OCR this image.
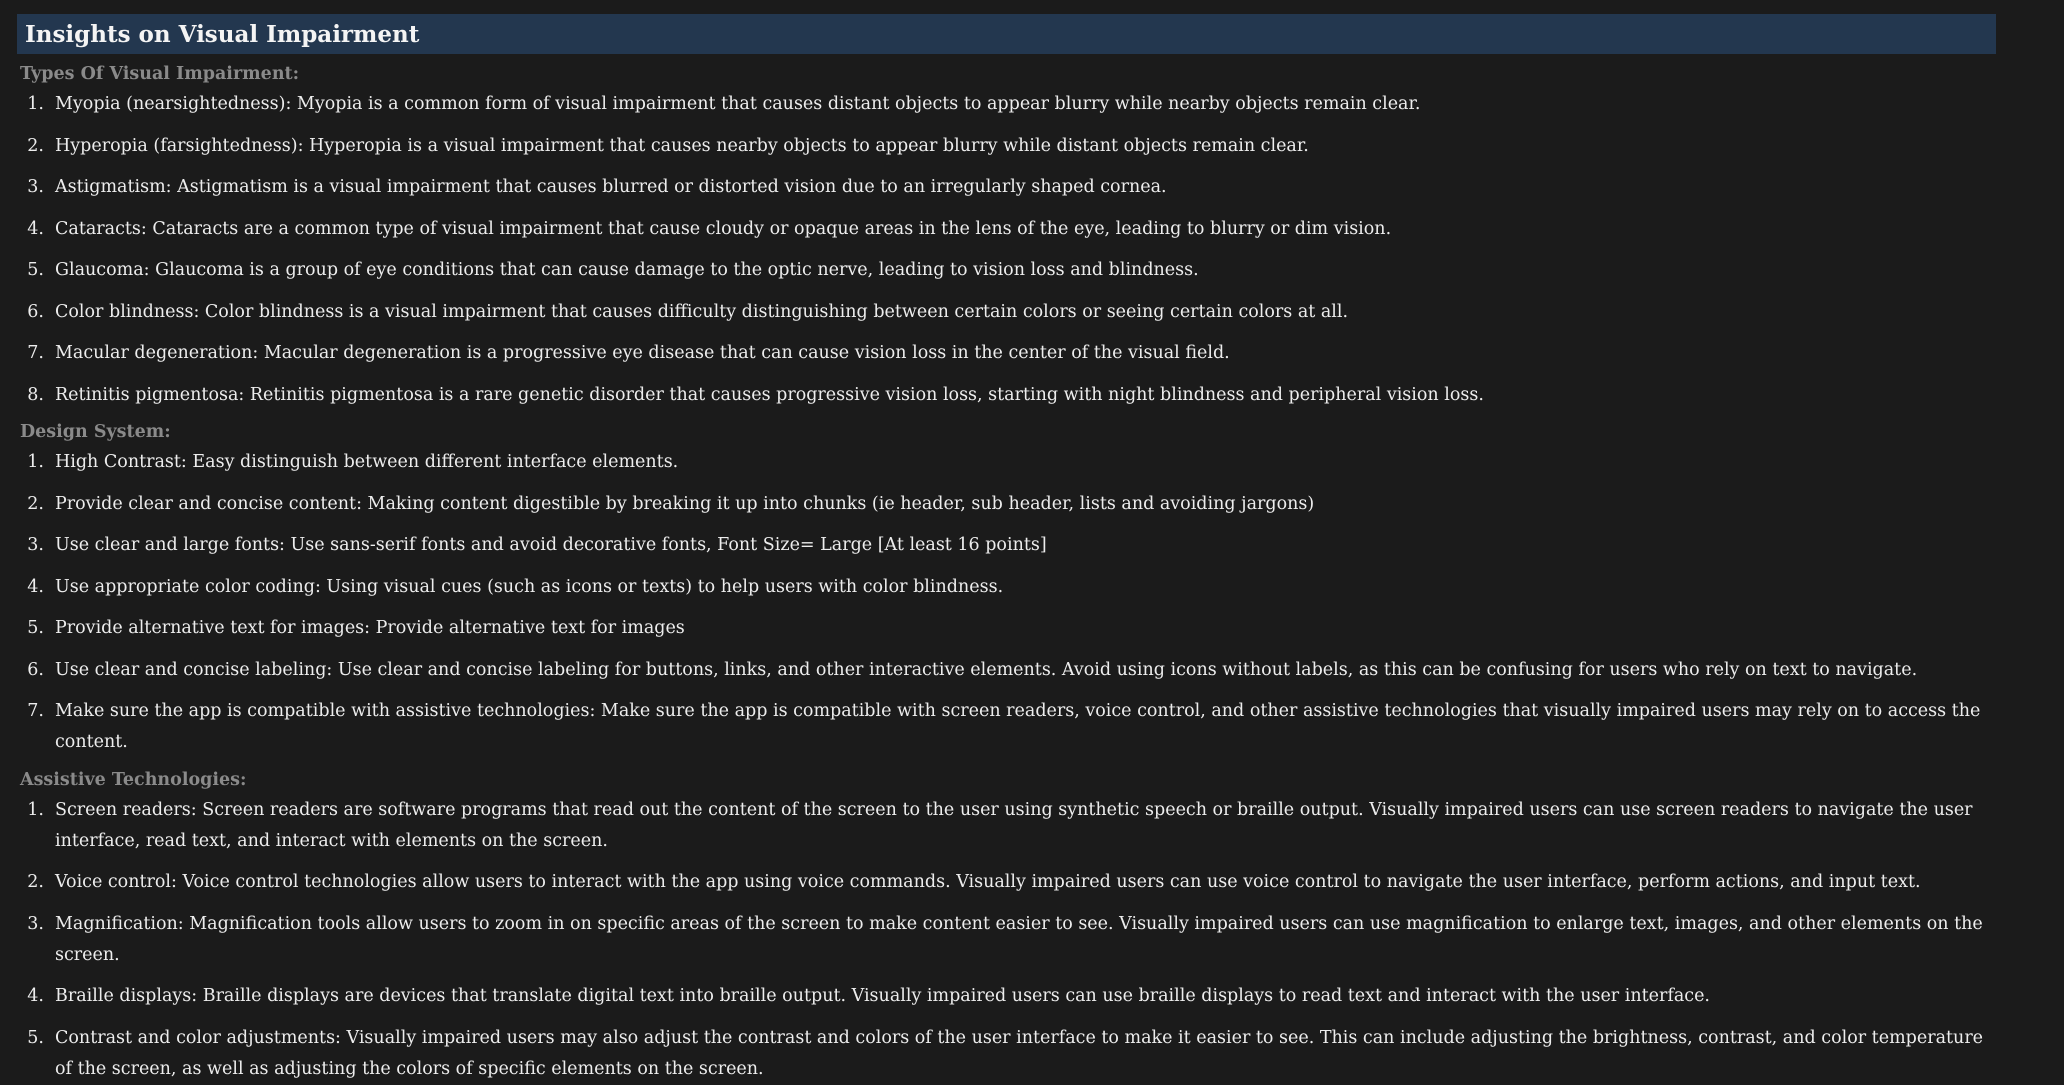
Insights on Visual Impairment
Types Of Visual Impairment:
1. Myopia (nearsightedness): Myopia is a common form of visual impairment that causes distant objects to appear blurry while nearby objects remain clear.
2. Hyperopia (farsightedness): Hyperopia is a visual impairment that causes nearby objects to appear blurry while distant objects remain clear.
3. Astigmatism: Astigmatism is a visual impairment that causes blurred or distorted vision due to an irregularly shaped cornea.
4. Cataracts: Cataracts are a common type of visual impairment that cause cloudy or opaque areas in the lens of the eye, leading to blurry or dim vision.
5. Glaucoma: Glaucoma is a group of eye conditions that can cause damage to the optic nerve, leading to vision loss and blindness.
6. Color blindness: Color blindness is a visual impairment that causes difficulty distinguishing between certain colors or seeing certain colors at all.
7. Macular degeneration: Macular degeneration is a progressive eye disease that can cause vision loss in the center of the visual field.
8. Retinitis pigmentosa: Retinitis pigmentosa is a rare genetic disorder that causes progressive vision loss, starting with night blindness and peripheral vision loss.
Design System:
1. High Contrast: Easy distinguish between different interface elements.
2. Provide clear and concise content: Making content digestible by breaking it up into chunks (ie header, sub header, lists and avoiding jargons)
3. Use clear and large fonts: Use sans-serif fonts and avoid decorative fonts, Font Size= Large [At least 16 points]
4. Use appropriate color coding: Using visual cues (such as icons or texts) to help users with color blindness.
5. Provide alternative text for images: Provide alternative text for images
6. Use clear and concise labeling: Use clear and concise labeling for buttons, links, and other interactive elements. Avoid using icons without labels, as this can be confusing for users who rely on text to navigate.
7. Make sure the app is compatible with assistive technologies: Make sure the app is compatible with screen readers, voice control, and other assistive technologies that visually impaired users may rely on to access the content.
Assistive Technologies:
1. Screen readers: Screen readers are software programs that read out the content of the screen to the user using synthetic speech or braille output. Visually impaired users can use screen readers to navigate the user interface, read text, and interact with elements on the screen.
2. Voice control: Voice control technologies allow users to interact with the app using voice commands. Visually impaired users can use voice control to navigate the user interface, perform actions, and input text.
3. Magnification: Magnification tools allow users to zoom in on specific areas of the screen to make content easier to see. Visually impaired users can use magnification to enlarge text, images, and other elements on the screen.
4. Braille displays: Braille displays are devices that translate digital text into braille output. Visually impaired users can use braille displays to read text and interact with the user interface.
5. Contrast and color adjustments: Visually impaired users may also adjust the contrast and colors of the user interface to make it easier to see. This can include adjusting the brightness, contrast, and color temperature of the screen, as well as adjusting the colors of specific elements on the screen.
